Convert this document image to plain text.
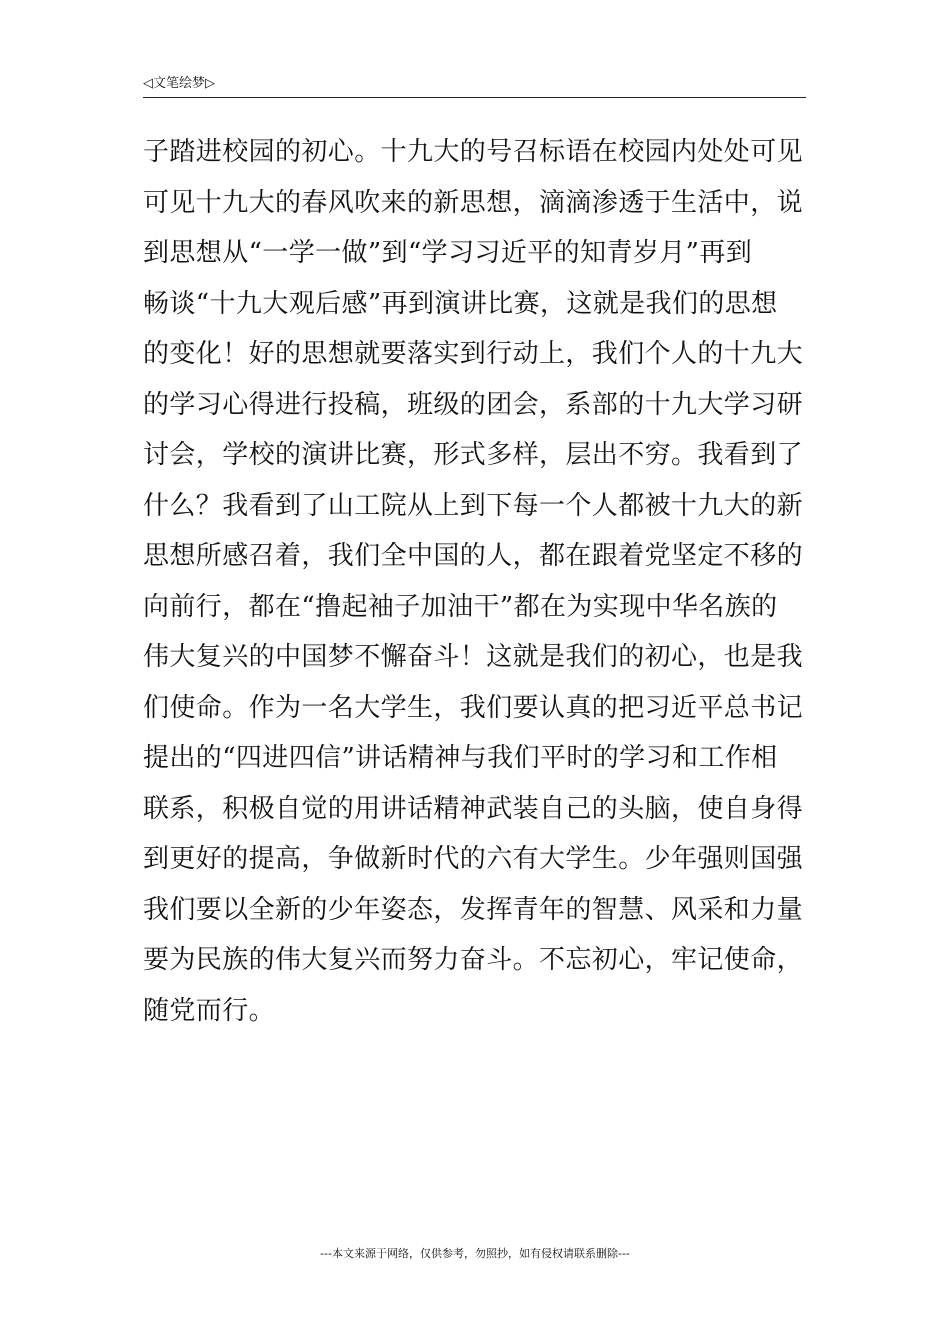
◁文笔绘梦▷
子踏进校园的初心。十九大的号召标语在校园内处处可见
可见十九大的春风吹来的新思想，滴滴渗透于生活中，说
到思想从“一学一做”到“学习习近平的知青岁月”再到
畅谈“十九大观后感”再到演讲比赛，这就是我们的思想
的变化！好的思想就要落实到行动上，我们个人的十九大
的学习心得进行投稿，班级的团会，系部的十九大学习研
讨会，学校的演讲比赛，形式多样，层出不穷。我看到了
什么？我看到了山工院从上到下每一个人都被十九大的新
思想所感召着，我们全中国的人，都在跟着党坚定不移的
向前行，都在“撸起袖子加油干”都在为实现中华名族的
伟大复兴的中国梦不懈奋斗！这就是我们的初心，也是我
们使命。作为一名大学生，我们要认真的把习近平总书记
提出的“四进四信”讲话精神与我们平时的学习和工作相
联系，积极自觉的用讲话精神武装自己的头脑，使自身得
到更好的提高，争做新时代的六有大学生。少年强则国强
我们要以全新的少年姿态，发挥青年的智慧、风采和力量
要为民族的伟大复兴而努力奋斗。不忘初心，牢记使命，
随党而行。
---本文来源于网络，仅供参考，勿照抄，如有侵权请联系删除---
